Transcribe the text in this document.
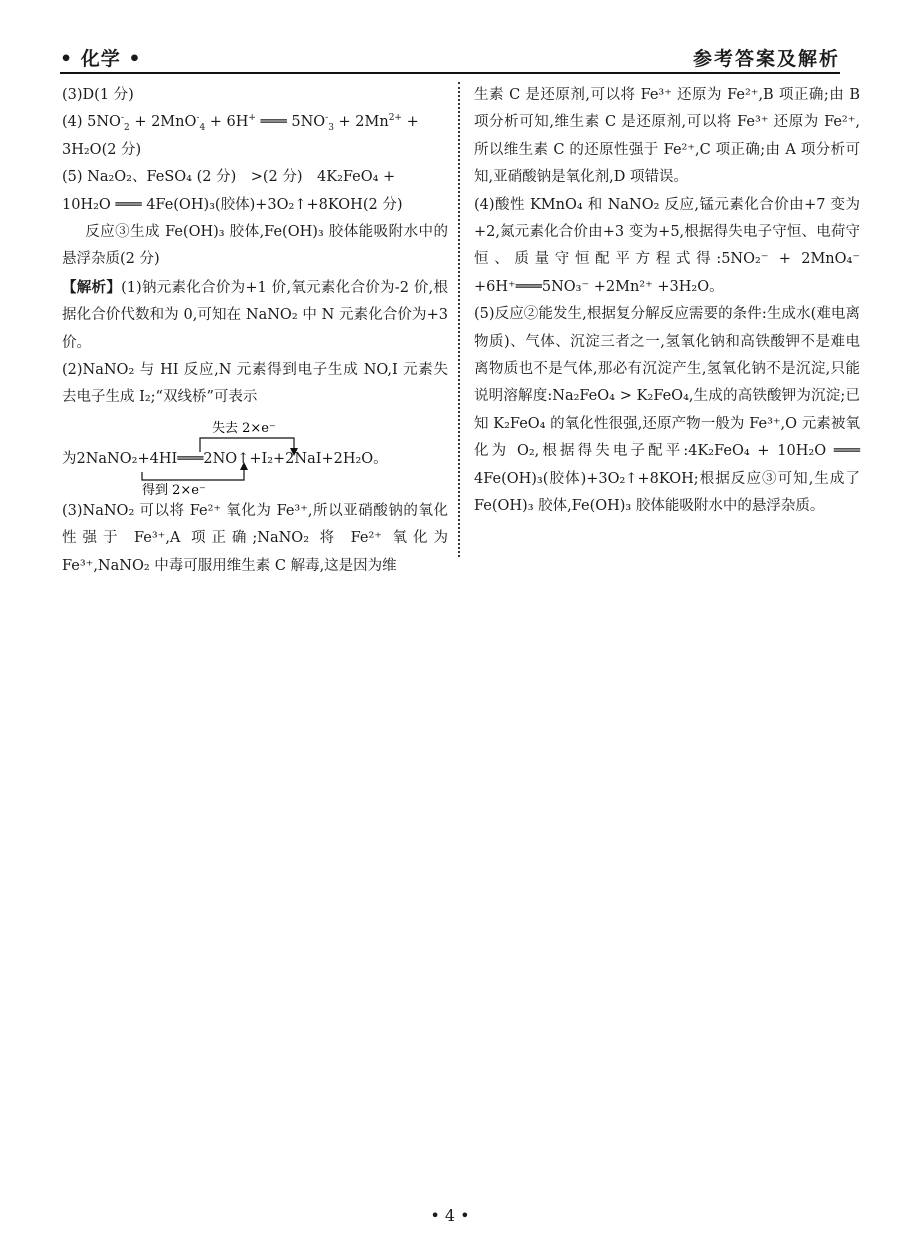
• 化学 •	参考答案及解析

(3)D(1 分)

(4) $5NO^-_2 + 2MnO^-_4 + 6H^+$ ═══ $5NO^-_3 + 2Mn^{2+}$ +

3H₂O(2 分)

(5) Na₂O₂、FeSO₄ (2 分)　>(2 分)　4K₂FeO₄ +

10H₂O ═══ 4Fe(OH)₃(胶体)+3O₂↑+8KOH(2 分)

反应③生成 Fe(OH)₃ 胶体,Fe(OH)₃ 胶体能吸附水中的悬浮杂质(2 分)

【解析】(1)钠元素化合价为+1 价,氧元素化合价为-2 价,根据化合价代数和为 0,可知在 NaNO₂ 中 N 元素化合价为+3 价。

(2)NaNO₂ 与 HI 反应,N 元素得到电子生成 NO,I 元素失去电子生成 I₂;“双线桥”可表示

失去 2×e⁻
得到 2×e⁻
为2NaNO₂+4HI═══2NO↑+I₂+2NaI+2H₂O。

(3)NaNO₂ 可以将 Fe²⁺ 氧化为 Fe³⁺,所以亚硝酸钠的氧化性强于 Fe³⁺,A 项正确;NaNO₂ 将 Fe²⁺ 氧化为 Fe³⁺,NaNO₂ 中毒可服用维生素 C 解毒,这是因为维

生素 C 是还原剂,可以将 Fe³⁺ 还原为 Fe²⁺,B 项正确;由 B 项分析可知,维生素 C 是还原剂,可以将 Fe³⁺ 还原为 Fe²⁺,所以维生素 C 的还原性强于 Fe²⁺,C 项正确;由 A 项分析可知,亚硝酸钠是氧化剂,D 项错误。

(4)酸性 KMnO₄ 和 NaNO₂ 反应,锰元素化合价由+7 变为+2,氮元素化合价由+3 变为+5,根据得失电子守恒、电荷守恒、质量守恒配平方程式得:5NO₂⁻ + 2MnO₄⁻ +6H⁺═══5NO₃⁻ +2Mn²⁺ +3H₂O。

(5)反应②能发生,根据复分解反应需要的条件:生成水(难电离物质)、气体、沉淀三者之一,氢氧化钠和高铁酸钾不是难电离物质也不是气体,那必有沉淀产生,氢氧化钠不是沉淀,只能说明溶解度:Na₂FeO₄ > K₂FeO₄,生成的高铁酸钾为沉淀;已知 K₂FeO₄ 的氧化性很强,还原产物一般为 Fe³⁺,O 元素被氧化为 O₂,根据得失电子配平:4K₂FeO₄ + 10H₂O ═══ 4Fe(OH)₃(胶体)+3O₂↑+8KOH;根据反应③可知,生成了Fe(OH)₃ 胶体,Fe(OH)₃ 胶体能吸附水中的悬浮杂质。

• 4 •
